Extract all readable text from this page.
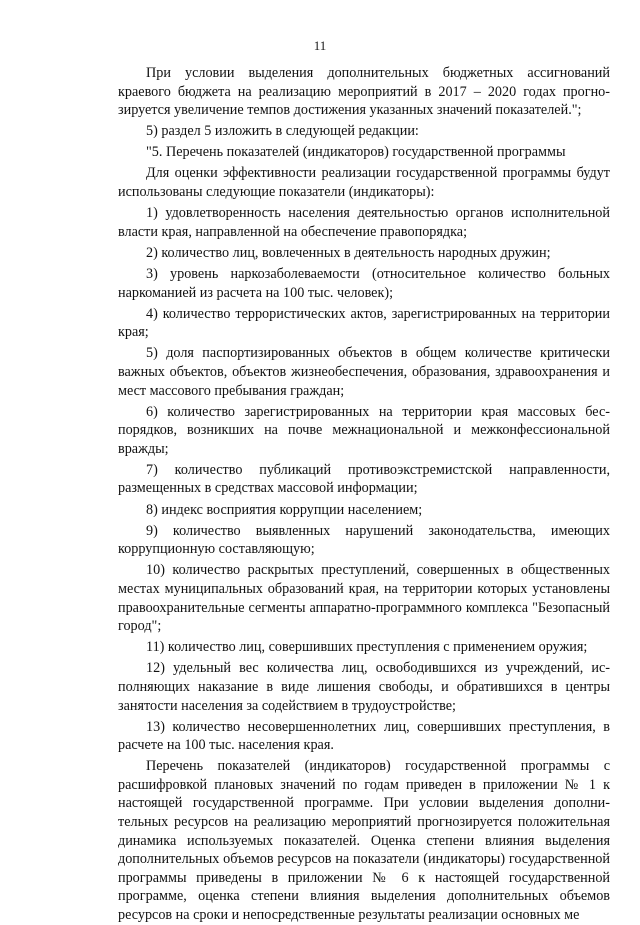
11

При условии выделения дополнительных бюджетных ассигнований краевого бюджета на реализацию мероприятий в 2017 – 2020 годах прогнозируется увеличение темпов достижения указанных значений показателей.";

5) раздел 5 изложить в следующей редакции:

"5. Перечень показателей (индикаторов) государственной программы

Для оценки эффективности реализации государственной программы будут использованы следующие показатели (индикаторы):

1) удовлетворенность населения деятельностью органов исполнительной власти края, направленной на обеспечение правопорядка;

2) количество лиц, вовлеченных в деятельность народных дружин;

3) уровень наркозаболеваемости (относительное количество больных наркоманией из расчета на 100 тыс. человек);

4) количество террористических актов, зарегистрированных на территории края;

5) доля паспортизированных объектов в общем количестве критически важных объектов, объектов жизнеобеспечения, образования, здравоохранения и мест массового пребывания граждан;

6) количество зарегистрированных на территории края массовых беспорядков, возникших на почве межнациональной и межконфессиональной вражды;

7) количество публикаций противоэкстремистской направленности, размещенных в средствах массовой информации;

8) индекс восприятия коррупции населением;

9) количество выявленных нарушений законодательства, имеющих коррупционную составляющую;

10) количество раскрытых преступлений, совершенных в общественных местах муниципальных образований края, на территории которых установлены правоохранительные сегменты аппаратно-программного комплекса "Безопасный город";

11) количество лиц, совершивших преступления с применением оружия;

12) удельный вес количества лиц, освободившихся из учреждений, исполняющих наказание в виде лишения свободы, и обратившихся в центры занятости населения за содействием в трудоустройстве;

13) количество несовершеннолетних лиц, совершивших преступления, в расчете на 100 тыс. населения края.

Перечень показателей (индикаторов) государственной программы с расшифровкой плановых значений по годам приведен в приложении № 1 к настоящей государственной программе. При условии выделения дополнительных ресурсов на реализацию мероприятий прогнозируется положительная динамика используемых показателей. Оценка степени влияния выделения дополнительных объемов ресурсов на показатели (индикаторы) государственной программы приведены в приложении № 6 к настоящей государственной программе, оценка степени влияния выделения дополнительных объемов ресурсов на сроки и непосредственные результаты реализации основных ме
